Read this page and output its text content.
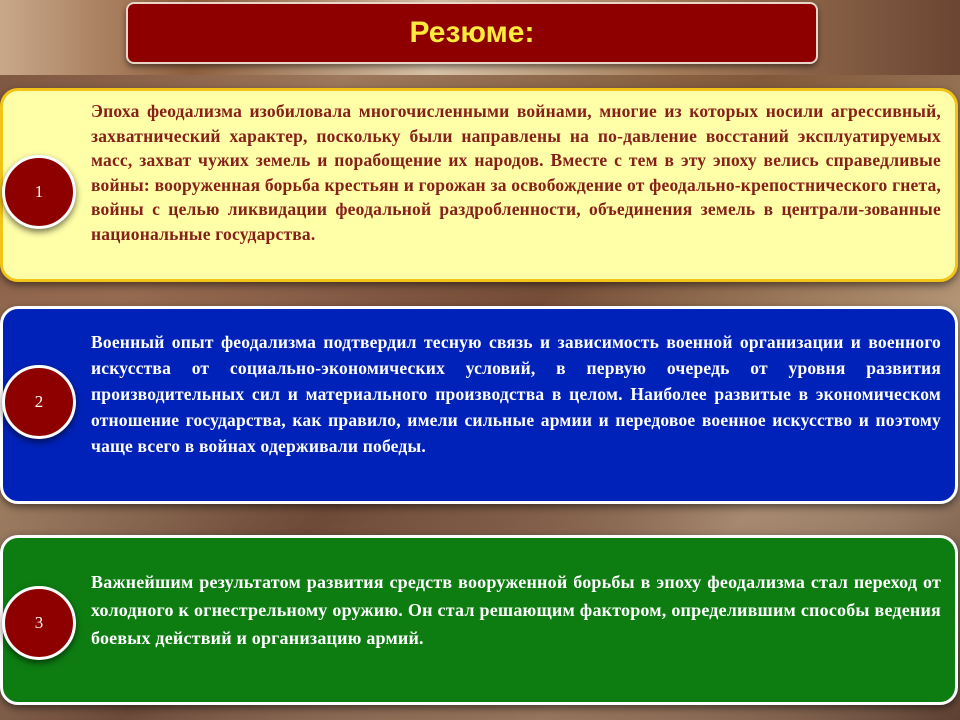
Резюме:
Эпоха феодализма изобиловала многочисленными войнами, многие из которых носили агрессивный, захватнический характер, поскольку были направлены на по-давление восстаний эксплуатируемых масс, захват чужих земель и порабощение их народов. Вместе с тем в эту эпоху велись справедливые войны: вооруженная борьба крестьян и горожан за освобождение от феодально-крепостнического гнета, войны с целью ликвидации феодальной раздробленности, объединения земель в централи-зованные национальные государства.
1
Военный опыт феодализма подтвердил тесную связь и зависимость военной организации и военного искусства от социально-экономических условий, в первую очередь от уровня развития производительных сил и материального производства в целом. Наиболее развитые в экономическом отношение государства, как правило, имели сильные армии и передовое военное искусство и поэтому чаще всего в войнах одерживали победы.
2
Важнейшим результатом развития средств вооруженной борьбы в эпоху феодализма стал переход от холодного к огнестрельному оружию. Он стал решающим фактором, определившим способы ведения боевых действий и организацию армий.
3
